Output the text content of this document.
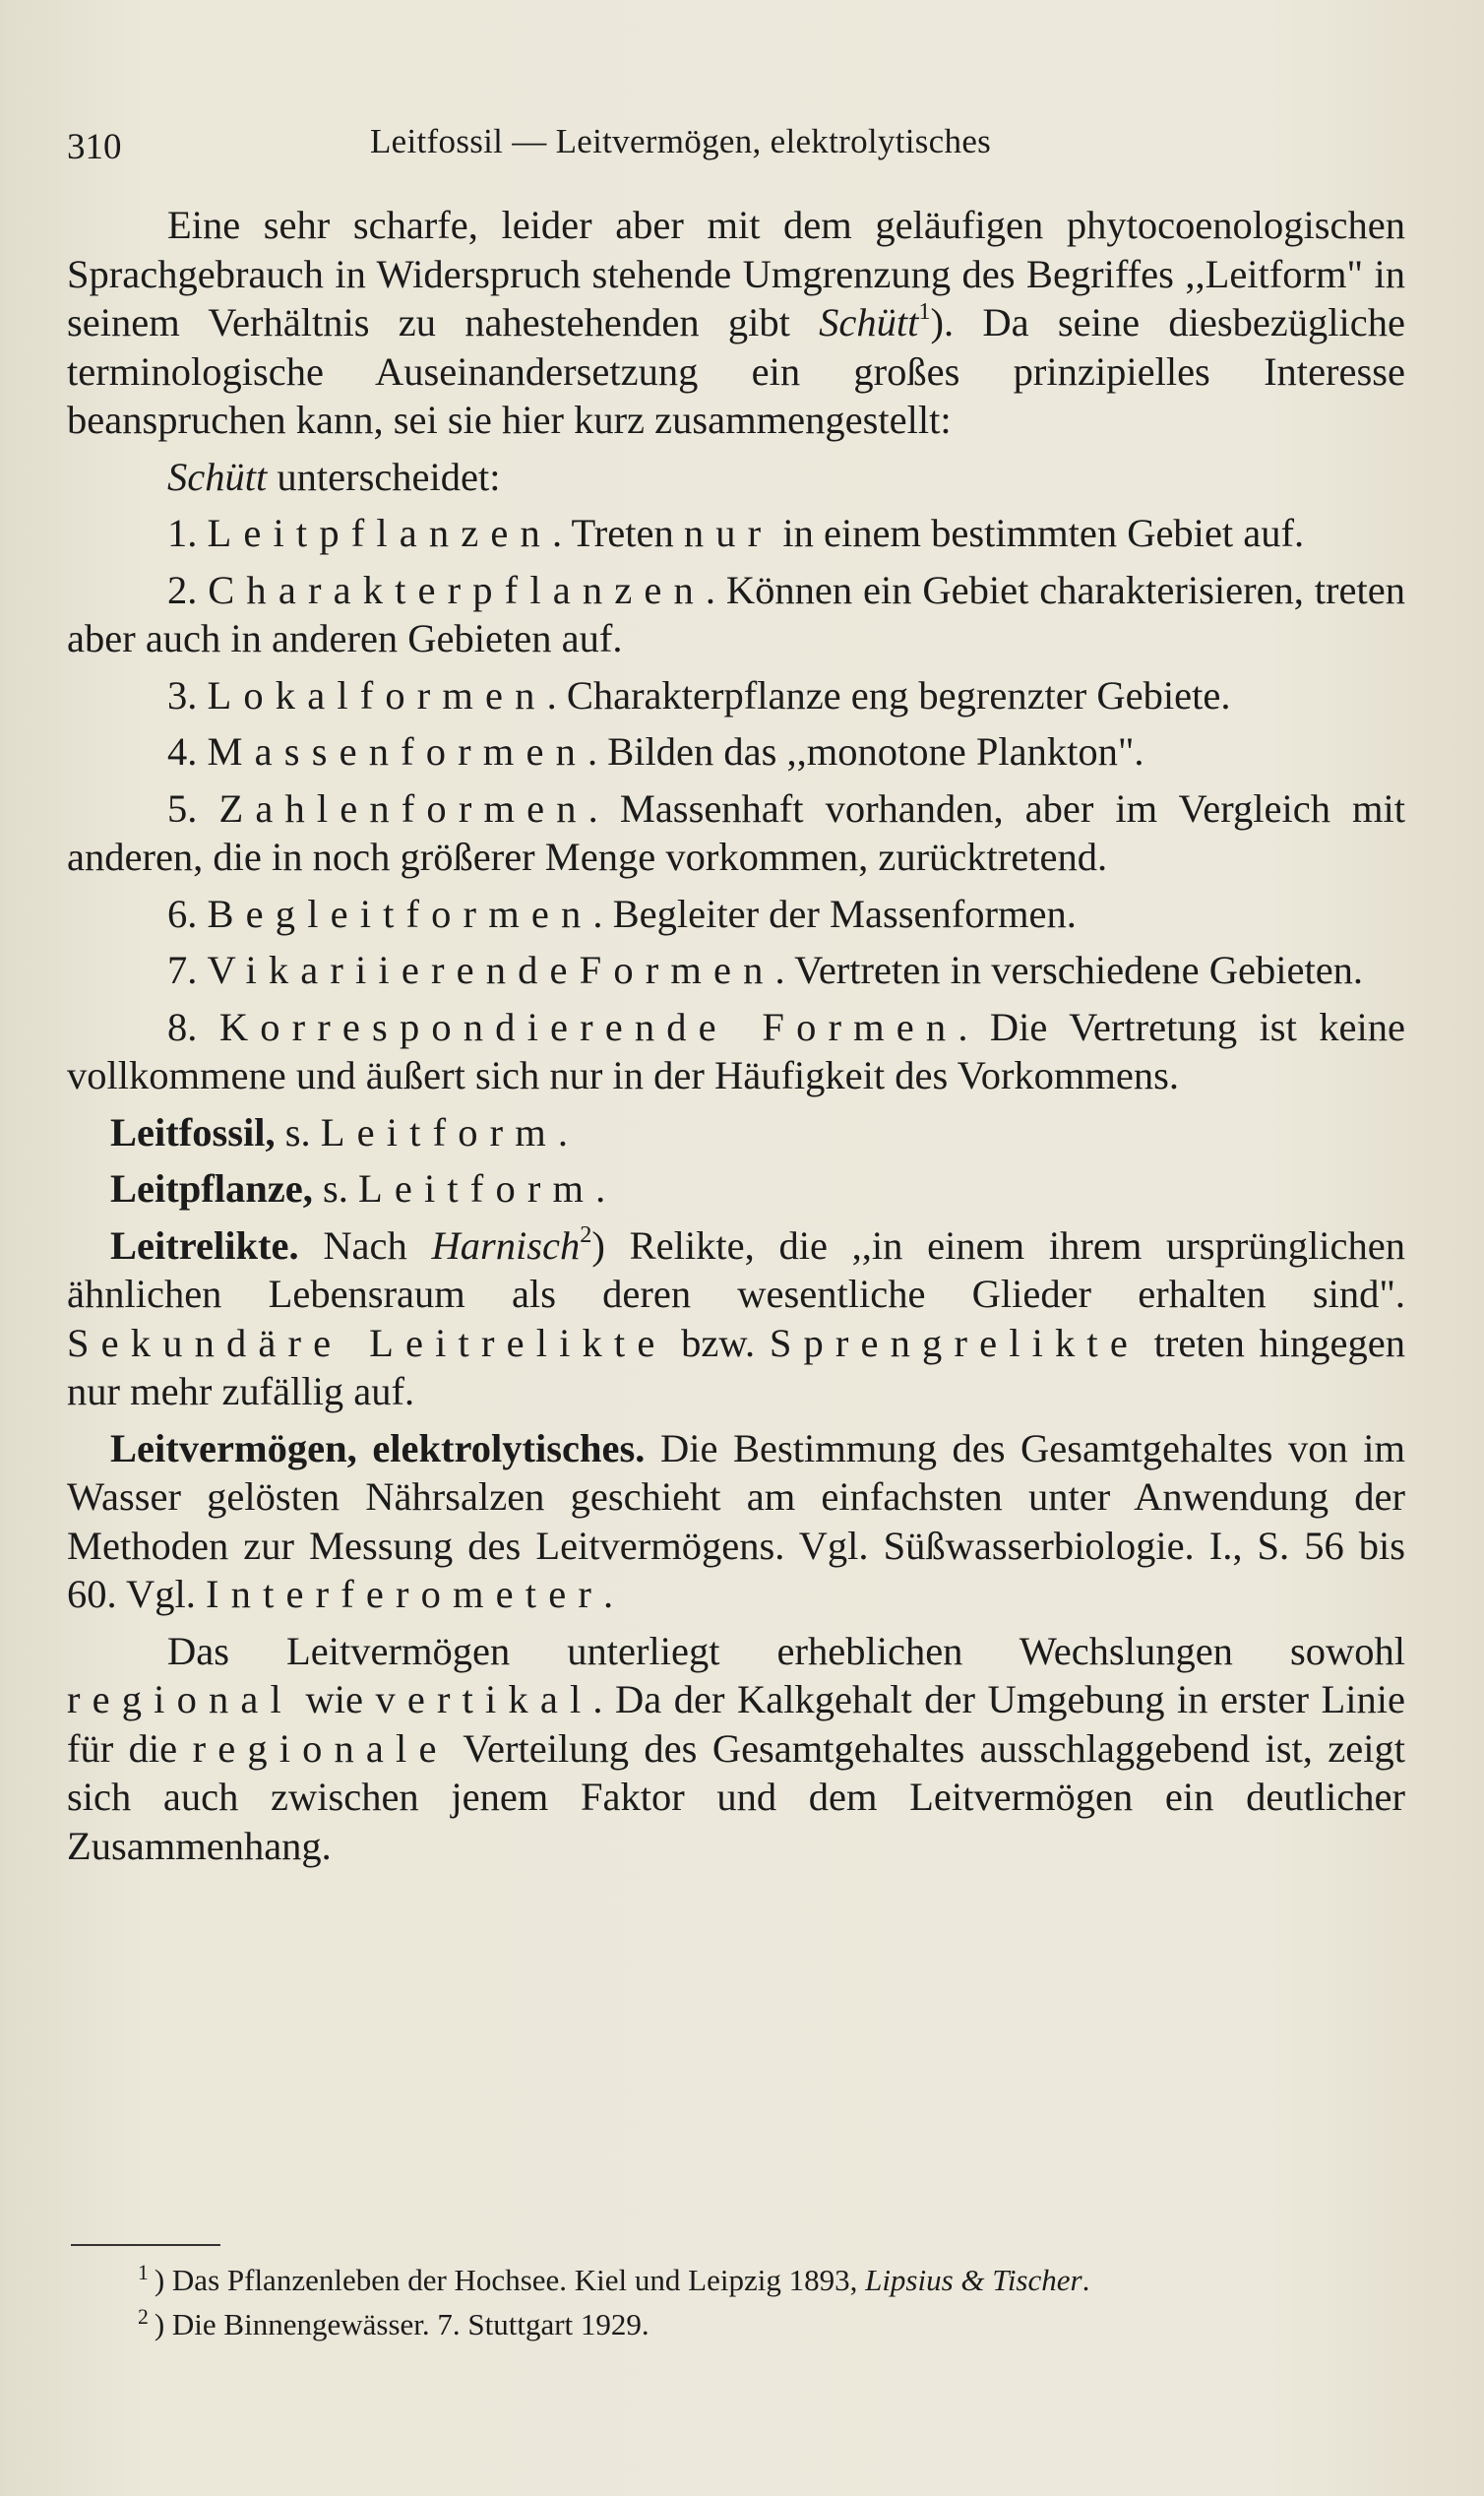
310	Leitfossil — Leitvermögen, elektrolytisches

Eine sehr scharfe, leider aber mit dem geläufigen phytocoenologischen Sprachgebrauch in Widerspruch stehende Umgrenzung des Begriffes ,,Leitform" in seinem Verhältnis zu nahestehenden gibt Schütt$^1$). Da seine diesbezügliche terminologische Auseinandersetzung ein großes prinzipielles Interesse beanspruchen kann, sei sie hier kurz zusammengestellt:

Schütt unterscheidet:

1. Leitpflanzen. Treten nur in einem bestimmten Gebiet auf.

2. Charakterpflanzen. Können ein Gebiet charakterisieren, treten aber auch in anderen Gebieten auf.

3. Lokalformen. Charakterpflanze eng begrenzter Gebiete.

4. Massenformen. Bilden das ,,monotone Plankton".

5. Zahlenformen. Massenhaft vorhanden, aber im Vergleich mit anderen, die in noch größerer Menge vorkommen, zurücktretend.

6. Begleitformen. Begleiter der Massenformen.

7. VikariierendeFormen. Vertreten in verschiedene Gebieten.

8. Korrespondierende Formen. Die Vertretung ist keine vollkommene und äußert sich nur in der Häufigkeit des Vorkommens.

Leitfossil, s. Leitform.

Leitpflanze, s. Leitform.

Leitrelikte. Nach Harnisch$^2$) Relikte, die ,,in einem ihrem ursprünglichen ähnlichen Lebensraum als deren wesentliche Glieder erhalten sind". Sekundäre Leitrelikte bzw. Sprengrelikte treten hingegen nur mehr zufällig auf.

Leitvermögen, elektrolytisches. Die Bestimmung des Gesamtgehaltes von im Wasser gelösten Nährsalzen geschieht am einfachsten unter Anwendung der Methoden zur Messung des Leitvermögens. Vgl. Süßwasserbiologie. I., S. 56 bis 60. Vgl. Interferometer.

Das Leitvermögen unterliegt erheblichen Wechslungen sowohl regional wie vertikal. Da der Kalkgehalt der Umgebung in erster Linie für die regionale Verteilung des Gesamtgehaltes ausschlaggebend ist, zeigt sich auch zwischen jenem Faktor und dem Leitvermögen ein deutlicher Zusammenhang.

$^1$ ) Das Pflanzenleben der Hochsee. Kiel und Leipzig 1893, Lipsius & Tischer.

$^2$ ) Die Binnengewässer. 7. Stuttgart 1929.
